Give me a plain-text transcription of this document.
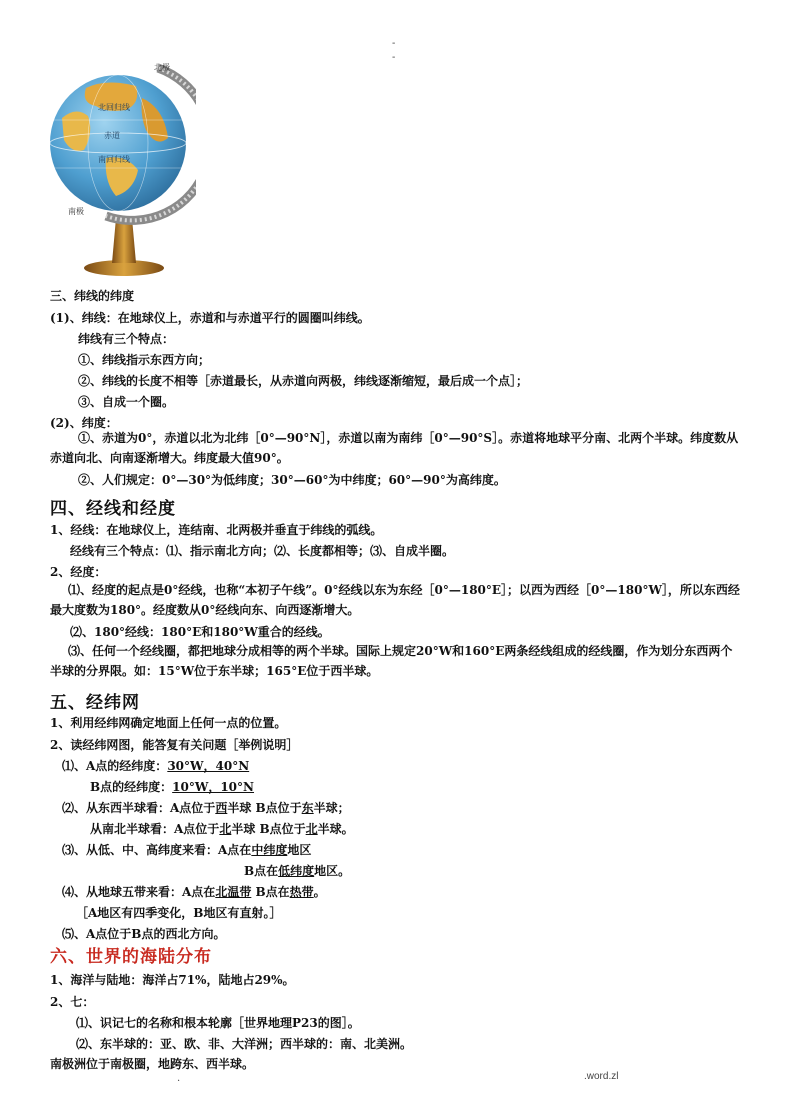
-
-
北极
北回归线
赤道
南回归线
南极
三、纬线的纬度
(1)、纬线：在地球仪上，赤道和与赤道平行的圆圈叫纬线。
纬线有三个特点：
①、纬线指示东西方向；
②、纬线的长度不相等［赤道最长，从赤道向两极，纬线逐渐缩短，最后成一个点］；
③、自成一个圈。
(2)、纬度：
①、赤道为0°，赤道以北为北纬［0°—90°N］，赤道以南为南纬［0°—90°S］。赤道将地球平分南、北两个半球。纬度数从赤道向北、向南逐渐增大。纬度最大值90°。
②、人们规定：0°—30°为低纬度；30°—60°为中纬度；60°—90°为高纬度。
四、经线和经度
1、经线：在地球仪上，连结南、北两极并垂直于纬线的弧线。
经线有三个特点：⑴、指示南北方向；⑵、长度都相等；⑶、自成半圈。
2、经度：
⑴、经度的起点是0°经线，也称“本初子午线”。0°经线以东为东经［0°—180°E］；以西为西经［0°—180°W］，所以东西经最大度数为180°。经度数从0°经线向东、向西逐渐增大。
⑵、180°经线：180°E和180°W重合的经线。
⑶、任何一个经线圈，都把地球分成相等的两个半球。国际上规定20°W和160°E两条经线组成的经线圈，作为划分东西两个半球的分界限。如：15°W位于东半球；165°E位于西半球。
五、经纬网
1、利用经纬网确定地面上任何一点的位置。
2、读经纬网图，能答复有关问题［举例说明］
⑴、A点的经纬度：30°W，40°N
B点的经纬度：10°W，10°N
⑵、从东西半球看：A点位于西半球 B点位于东半球；
从南北半球看：A点位于北半球 B点位于北半球。
⑶、从低、中、高纬度来看：A点在中纬度地区
B点在低纬度地区。
⑷、从地球五带来看：A点在北温带 B点在热带。
［A地区有四季变化，B地区有直射。］
⑸、A点位于B点的西北方向。
六、世界的海陆分布
1、海洋与陆地：海洋占71%，陆地占29%。
2、七：
⑴、识记七的名称和根本轮廓［世界地理P23的图］。
⑵、东半球的：亚、欧、非、大洋洲；西半球的：南、北美洲。
南极洲位于南极圈，地跨东、西半球。
.	.word.zl
